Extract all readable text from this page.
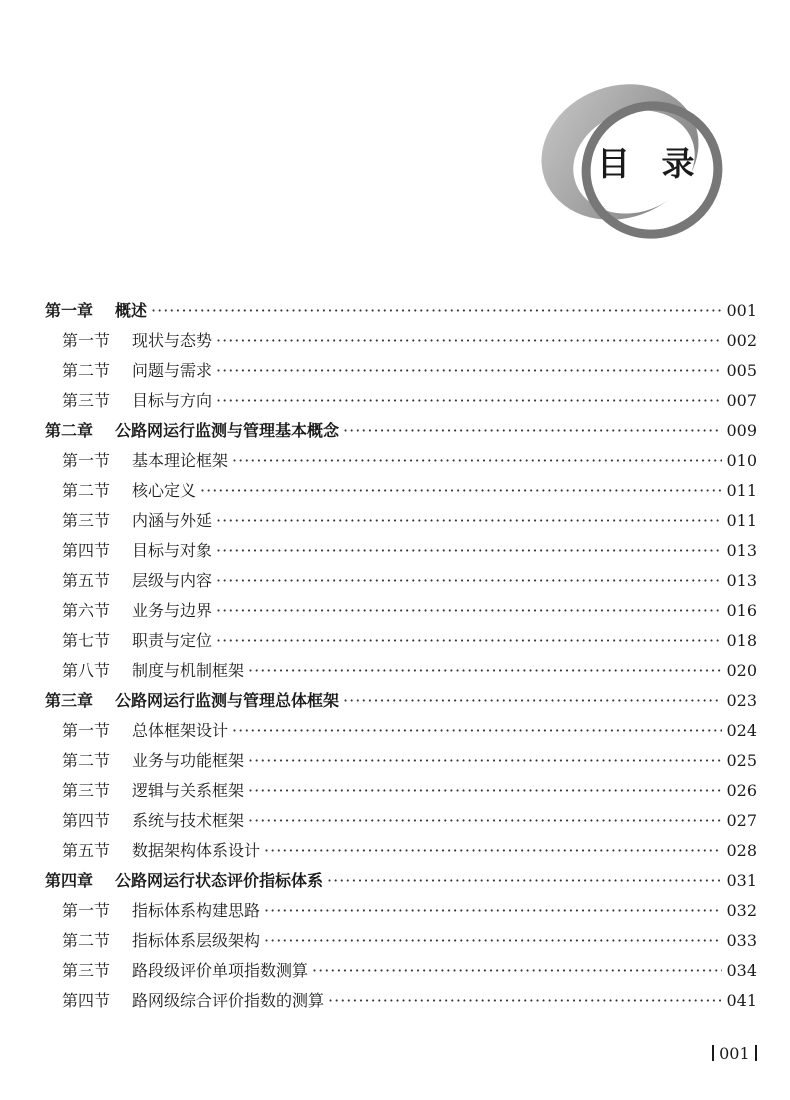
目 录
第一章	概述 ·····	001
第一节	现状与态势 ·····	002
第二节	问题与需求 ·····	005
第三节	目标与方向 ·····	007
第二章	公路网运行监测与管理基本概念 ·····	009
第一节	基本理论框架 ·····	010
第二节	核心定义 ·····	011
第三节	内涵与外延 ·····	011
第四节	目标与对象 ·····	013
第五节	层级与内容 ·····	013
第六节	业务与边界 ·····	016
第七节	职责与定位 ·····	018
第八节	制度与机制框架 ·····	020
第三章	公路网运行监测与管理总体框架 ·····	023
第一节	总体框架设计 ·····	024
第二节	业务与功能框架 ·····	025
第三节	逻辑与关系框架 ·····	026
第四节	系统与技术框架 ·····	027
第五节	数据架构体系设计 ·····	028
第四章	公路网运行状态评价指标体系 ·····	031
第一节	指标体系构建思路 ·····	032
第二节	指标体系层级架构 ·····	033
第三节	路段级评价单项指数测算 ·····	034
第四节	路网级综合评价指数的测算 ·····	041
001
